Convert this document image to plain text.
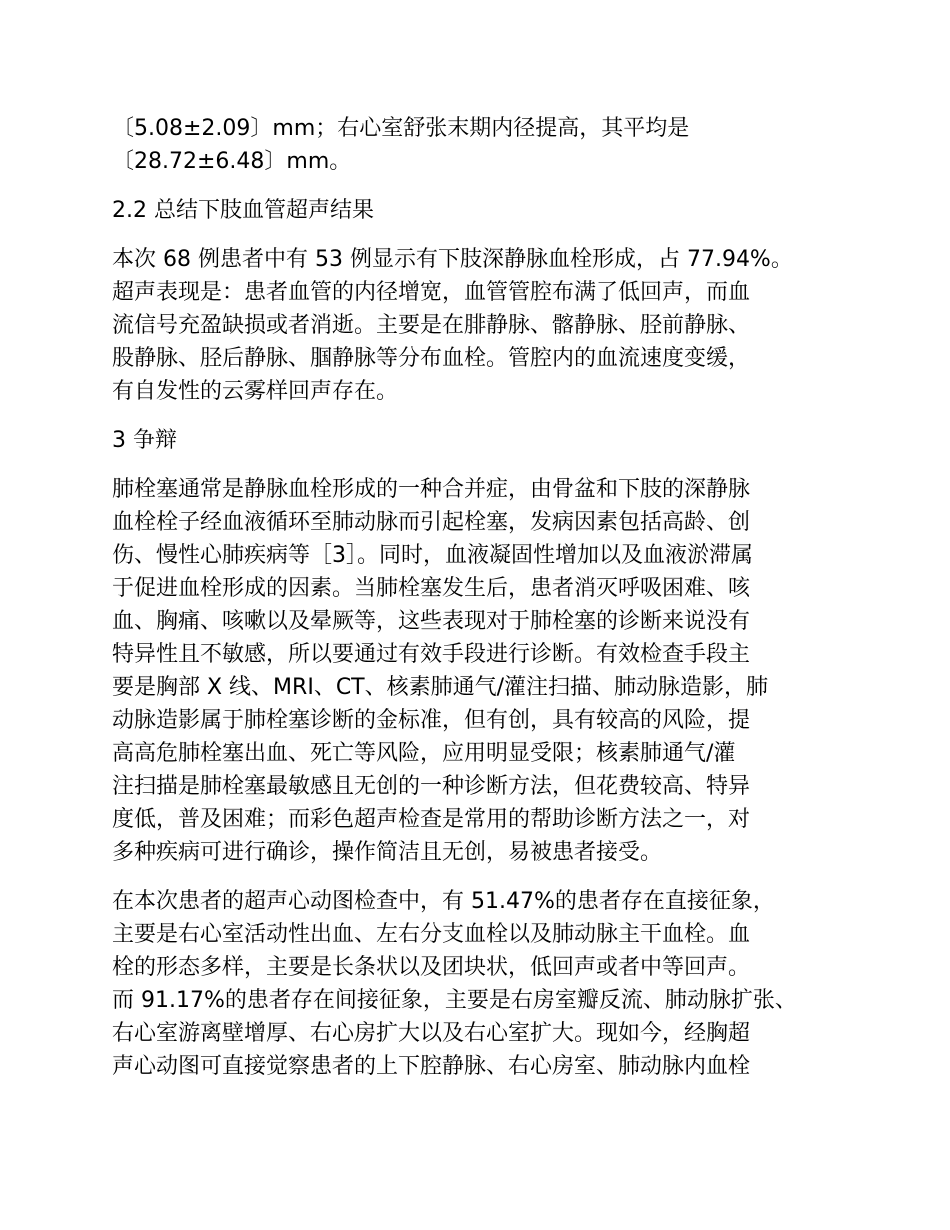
〔5.08±2.09〕mm；右心室舒张末期内径提高，其平均是
〔28.72±6.48〕mm。
2.2 总结下肢血管超声结果
本次 68 例患者中有 53 例显示有下肢深静脉血栓形成，占 77.94%。
超声表现是：患者血管的内径增宽，血管管腔布满了低回声，而血
流信号充盈缺损或者消逝。主要是在腓静脉、髂静脉、胫前静脉、
股静脉、胫后静脉、腘静脉等分布血栓。管腔内的血流速度变缓，
有自发性的云雾样回声存在。
3 争辩
肺栓塞通常是静脉血栓形成的一种合并症，由骨盆和下肢的深静脉
血栓栓子经血液循环至肺动脉而引起栓塞，发病因素包括高龄、创
伤、慢性心肺疾病等［3］。同时，血液凝固性增加以及血液淤滞属
于促进血栓形成的因素。当肺栓塞发生后，患者消灭呼吸困难、咳
血、胸痛、咳嗽以及晕厥等，这些表现对于肺栓塞的诊断来说没有
特异性且不敏感，所以要通过有效手段进行诊断。有效检查手段主
要是胸部 X 线、MRI、CT、核素肺通气/灌注扫描、肺动脉造影，肺
动脉造影属于肺栓塞诊断的金标准，但有创，具有较高的风险，提
高高危肺栓塞出血、死亡等风险，应用明显受限；核素肺通气/灌
注扫描是肺栓塞最敏感且无创的一种诊断方法，但花费较高、特异
度低，普及困难；而彩色超声检查是常用的帮助诊断方法之一，对
多种疾病可进行确诊，操作简洁且无创，易被患者接受。
在本次患者的超声心动图检查中，有 51.47%的患者存在直接征象，
主要是右心室活动性出血、左右分支血栓以及肺动脉主干血栓。血
栓的形态多样，主要是长条状以及团块状，低回声或者中等回声。
而 91.17%的患者存在间接征象，主要是右房室瓣反流、肺动脉扩张、
右心室游离壁增厚、右心房扩大以及右心室扩大。现如今，经胸超
声心动图可直接觉察患者的上下腔静脉、右心房室、肺动脉内血栓
